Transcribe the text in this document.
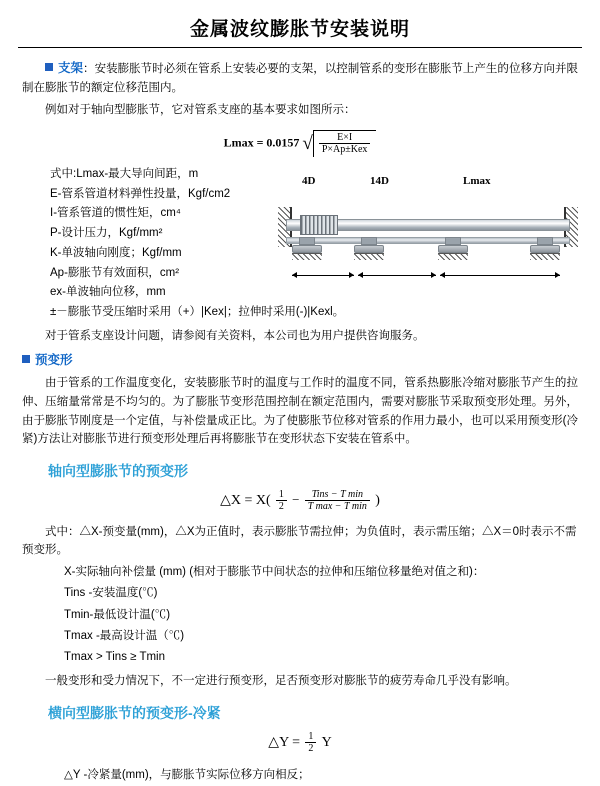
金属波纹膨胀节安装说明

支架：安装膨胀节时必须在管系上安装必要的支架，以控制管系的变形在膨胀节上产生的位移方向并限制在膨胀节的额定位移范围内。

例如对于轴向型膨胀节，它对管系支座的基本要求如图所示：

Lmax = 0.0157 √ $\frac{E\times I}{\text{P×Ap±Kex}}$
式中:Lmax-最大导向间距，m
E-管系管道材料弹性投量，Kgf/cm2
I-管系管道的惯性矩，cm⁴
P-设计压力，Kgf/mm²
K-单波轴向刚度；Kgf/mm
Ap-膨胀节有效面积，cm²
ex-单波轴向位移，mm
4D	14D	Lmax
±－膨胀节受压缩时采用（+）|Kex|；拉伸时采用(-)|Kexl。

对于管系支座设计问题，请参阅有关资料，本公司也为用户提供咨询服务。

预变形

由于管系的工作温度变化，安装膨胀节时的温度与工作时的温度不同，管系热膨胀冷缩对膨胀节产生的拉伸、压缩量常常是不均匀的。为了膨胀节变形范围控制在额定范围内，需要对膨胀节采取预变形处理。另外，由于膨胀节刚度是一个定值，与补偿量成正比。为了使膨胀节位移对管系的作用力最小，也可以采用预变形(冷紧)方法让对膨胀节进行预变形处理后再将膨胀节在变形状态下安装在管系中。

轴向型膨胀节的预变形
△X = $X( \frac{1}{2} - \frac{\text{Tins − T min}}{\text{T max − T min}}$ )

式中：△X-预变量(mm)，△X为正值时，表示膨胀节需拉伸；为负值时，表示需压缩；△X＝0时表示不需预变形。

X-实际轴向补偿量 (mm) (相对于膨胀节中间状态的拉伸和压缩位移量绝对值之和)：
Tins -安装温度(℃)
Tmin-最低设计温(℃)
Tmax -最高设计温（℃)
Tmax > Tins ≥ Tmin

一般变形和受力情况下，不一定进行预变形，足否预变形对膨胀节的疲劳寿命几乎没有影响。

横向型膨胀节的预变形-冷紧
△Y = $\frac{1}{2}$ Y
△Y -冷紧量(mm)，与膨胀节实际位移方向相反；
